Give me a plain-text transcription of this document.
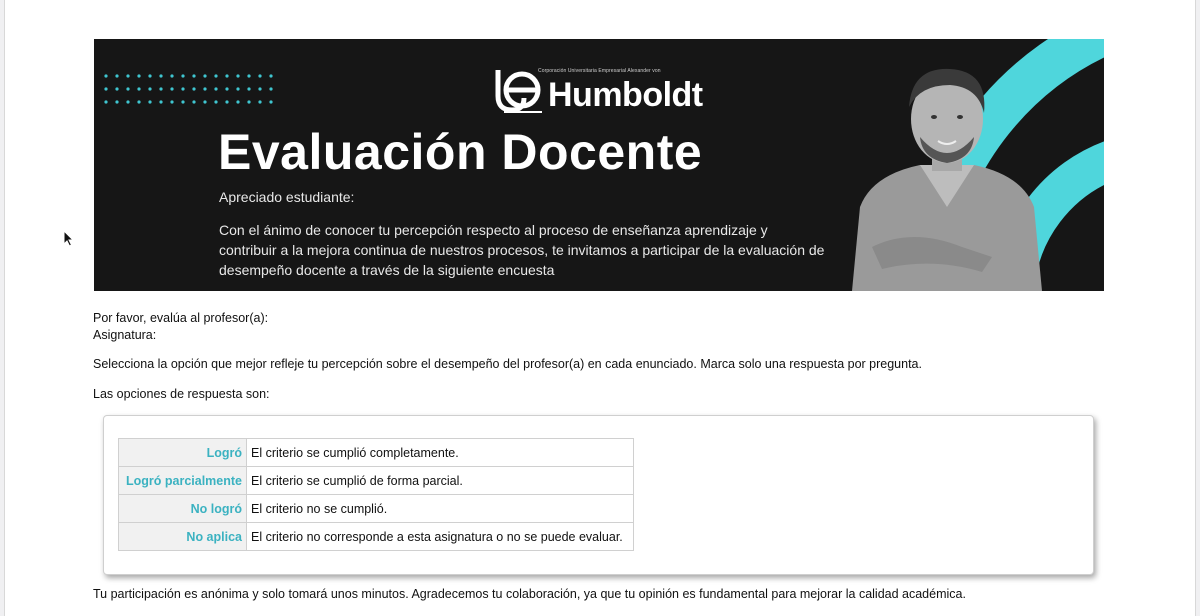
Corporación Universitaria Empresarial Alexander von
Humboldt
Evaluación Docente
Apreciado estudiante:
Con el ánimo de conocer tu percepción respecto al proceso de enseñanza aprendizaje y contribuir a la mejora continua de nuestros procesos, te invitamos a participar de la evaluación de desempeño docente a través de la siguiente encuesta
Por favor, evalúa al profesor(a):
Asignatura:
Selecciona la opción que mejor refleje tu percepción sobre el desempeño del profesor(a) en cada enunciado. Marca solo una respuesta por pregunta.
Las opciones de respuesta son:
Tu participación es anónima y solo tomará unos minutos. Agradecemos tu colaboración, ya que tu opinión es fundamental para mejorar la calidad académica.
Logró	El criterio se cumplió completamente.
Logró parcialmente	El criterio se cumplió de forma parcial.
No logró	El criterio no se cumplió.
No aplica	El criterio no corresponde a esta asignatura o no se puede evaluar.
